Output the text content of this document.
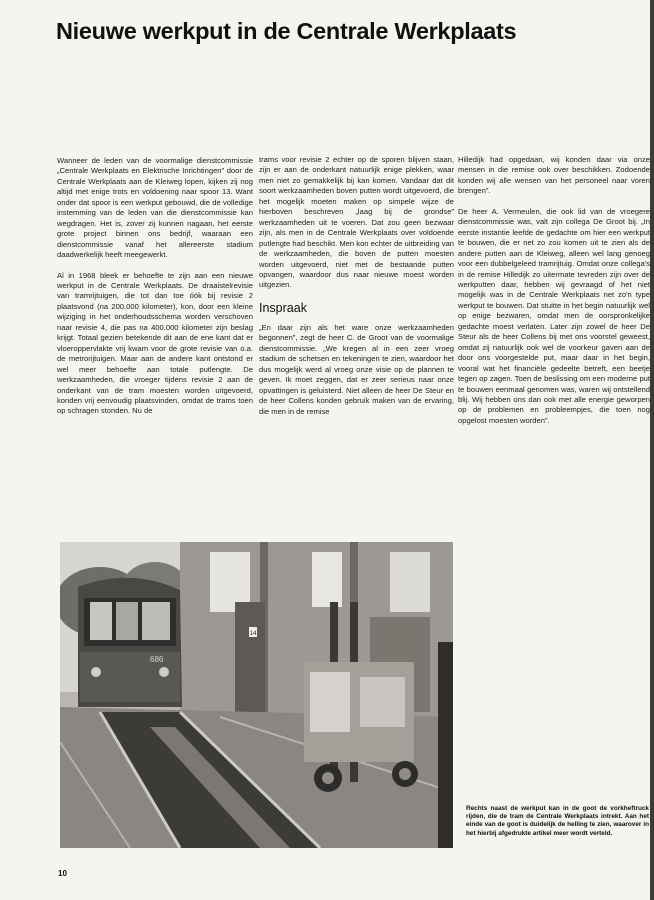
Nieuwe werkput in de Centrale Werkplaats

Wanneer de leden van de voormalige dienstcommissie „Centrale Werkplaats en Elektrische Inrichtingen” door de Centrale Werkplaats aan de Kleiweg lopen, kijken zij nog altijd met enige trots en voldoening naar spoor 13. Want onder dat spoor is een werkput gebouwd, die de volledige instemming van de leden van die dienstcommissie kan wegdragen. Het is, zover zij kunnen nagaan, het eerste grote project binnen ons bedrijf, waaraan een dienstcommissie vanaf het allereerste stadium daadwerkelijk heeft meegewerkt.

Al in 1968 bleek er behoefte te zijn aan een nieuwe werkput in de Centrale Werkplaats. De draaistelrevisie van tramrijtuigen, die tot dan toe óók bij revisie 2 plaatsvond (na 200.000 kilometer), kon, door een kleine wijziging in het onderhoudsschema worden verschoven naar revisie 4, die pas na 400.000 kilometer zijn beslag krijgt. Totaal gezien betekende dit aan de ene kant dat er vloeroppervlakte vrij kwam voor de grote revisie van o.a. de metrorijtuigen. Maar aan de andere kant ontstond er wel meer behoefte aan totale putlengte. De werkzaamheden, die vroeger tijdens revisie 2 aan de onderkant van de tram moesten worden uitgevoerd, konden vrij eenvoudig plaatsvinden, omdat de trams toen op schragen stonden. Nu de

trams voor revisie 2 echter op de sporen blijven staan, zijn er aan de onderkant natuurlijk enige plekken, waar men niet zo gemakkelijk bij kan komen. Vandaar dat dit soort werkzaamheden boven putten wordt uitgevoerd, die het mogelijk moeten maken op simpele wijze de hierboven beschreven „laag bij de grondse” werkzaamheden uit te voeren. Dat zou geen bezwaar zijn, als men in de Centrale Werkplaats over voldoende putlengte had beschikt. Men kon echter de uitbreiding van de werkzaamheden, die boven de putten moesten worden uitgevoerd, niet met de bestaande putten opvangen, waardoor dus naar nieuwe moest worden uitgezien.

Inspraak

„En daar zijn als het ware onze werkzaamheden begonnen”, zegt de heer C. de Groot van de voormalige dienstcommissie. „We kregen al in een zeer vroeg stadium de schetsen en tekeningen te zien, waardoor het dus mogelijk werd al vroeg onze visie op de plannen te geven. Ik moet zeggen, dat er zeer serieus naar onze opvattingen is geluisterd. Niet alleen de heer De Steur en de heer Collens konden gebruik maken van de ervaring, die men in de remise

Hilledijk had opgedaan, wij konden daar via onze mensen in die remise ook over beschikken. Zodoende konden wij alle wensen van het personeel naar voren brengen”.

De heer A. Vermeulen, die ook lid van de vroegere dienstcommissie was, valt zijn collega De Groot bij. „In eerste instantie leefde de gedachte om hier een werkput te bouwen, die er net zo zou komen uit te zien als de andere putten aan de Kleiweg, alleen wel lang genoeg voor een dubbelgeleed tramrijtuig. Omdat onze collega's in de remise Hilledijk zo uitermate tevreden zijn over de werkputten daar, hebben wij gevraagd of het niet mogelijk was in de Centrale Werkplaats net zo'n type werkput te bouwen. Dat stuitte in het begin natuurlijk wel op enige bezwaren, omdat men de oorspronkelijke gedachte moest verlaten. Later zijn zowel de heer De Steur als de heer Collens bij met ons voorstel geweest, omdat zij natuurlijk ook wel de voorkeur gaven aan de door ons voorgestelde put, maar daar in het begin, vooral wat het financiële gedeelte betreft, een beetje tegen op zagen. Toen de beslissing om een moderne put te bouwen eenmaal genomen was, waren wij ontstellend blij. Wij hebben ons dan ook met alle energie geworpen op de problemen en probleempjes, die toen nog opgelost moesten worden”.

14
686
Rechts naast de werkput kan in de goot de vorkheftruck rijden, die de tram de Centrale Werkplaats intrekt. Aan het einde van de goot is duidelijk de helling te zien, waarover in het hierbij afgedrukte artikel meer wordt verteld.
10
